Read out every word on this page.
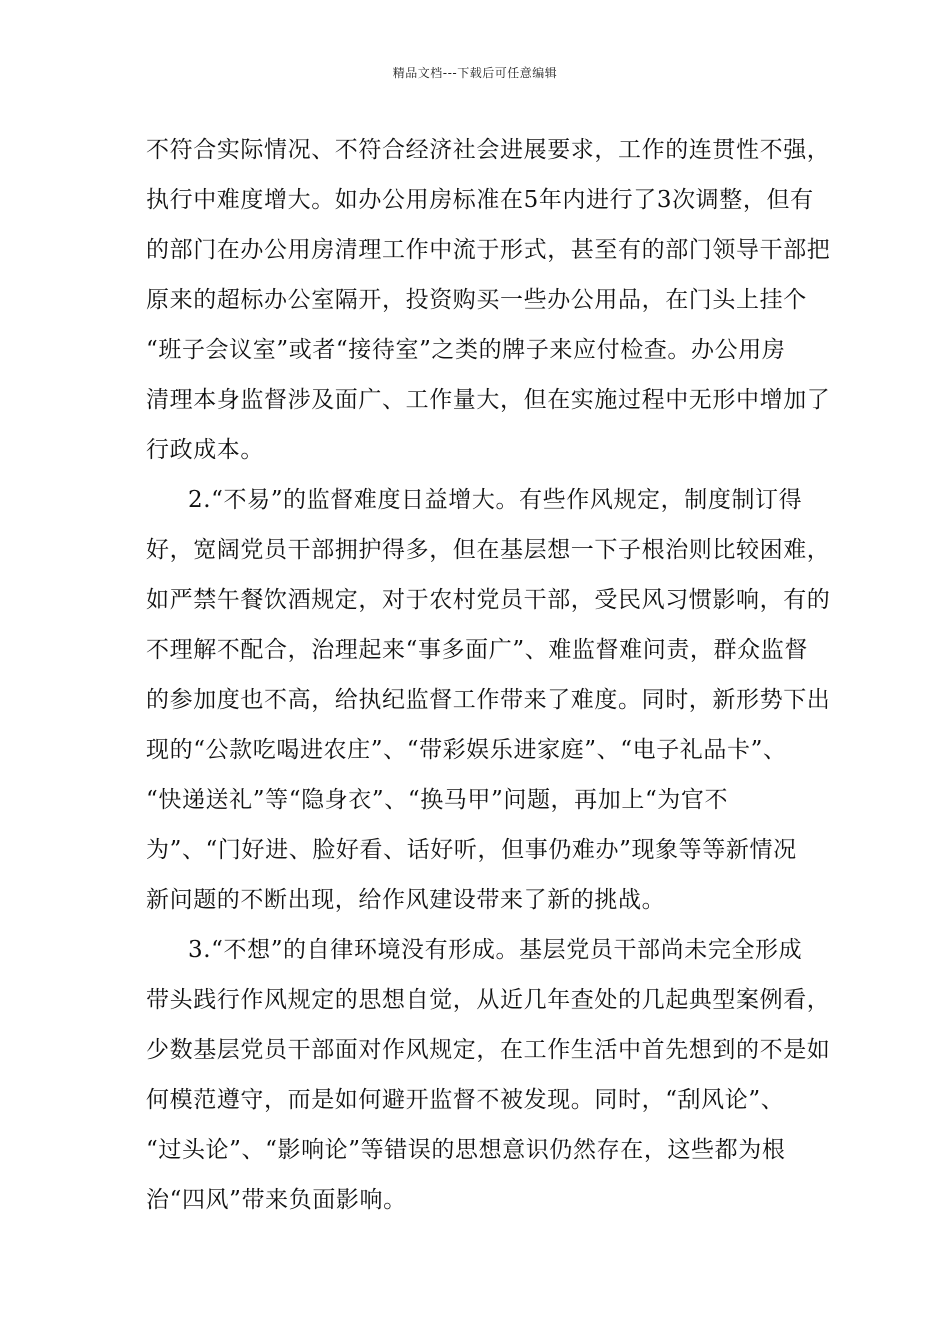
精品文档---下载后可任意编辑
不符合实际情况、不符合经济社会进展要求，工作的连贯性不强，
执行中难度增大。如办公用房标准在5年内进行了3次调整，但有
的部门在办公用房清理工作中流于形式，甚至有的部门领导干部把
原来的超标办公室隔开，投资购买一些办公用品，在门头上挂个
“班子会议室”或者“接待室”之类的牌子来应付检查。办公用房
清理本身监督涉及面广、工作量大，但在实施过程中无形中增加了
行政成本。
2.“不易”的监督难度日益增大。有些作风规定，制度制订得
好，宽阔党员干部拥护得多，但在基层想一下子根治则比较困难，
如严禁午餐饮酒规定，对于农村党员干部，受民风习惯影响，有的
不理解不配合，治理起来“事多面广”、难监督难问责，群众监督
的参加度也不高，给执纪监督工作带来了难度。同时，新形势下出
现的“公款吃喝进农庄”、“带彩娱乐进家庭”、“电子礼品卡”、
“快递送礼”等“隐身衣”、“换马甲”问题，再加上“为官不
为”、“门好进、脸好看、话好听，但事仍难办”现象等等新情况
新问题的不断出现，给作风建设带来了新的挑战。
3.“不想”的自律环境没有形成。基层党员干部尚未完全形成
带头践行作风规定的思想自觉，从近几年查处的几起典型案例看，
少数基层党员干部面对作风规定，在工作生活中首先想到的不是如
何模范遵守，而是如何避开监督不被发现。同时，“刮风论”、
“过头论”、“影响论”等错误的思想意识仍然存在，这些都为根
治“四风”带来负面影响。
